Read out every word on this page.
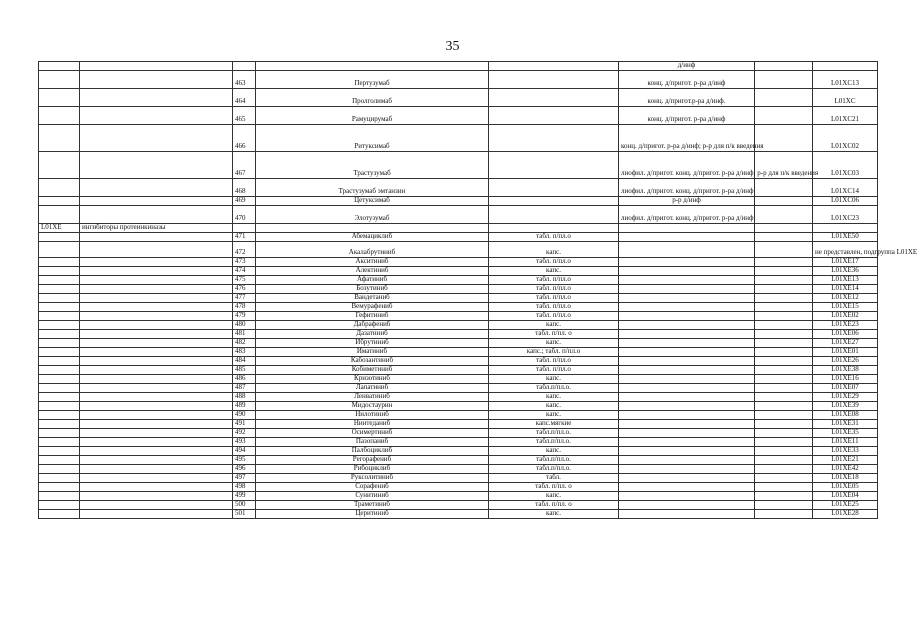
35
					д/инф		
		463	Пертузумаб		конц. д/пригот. р-ра д/инф		L01XC13
		464	Пролголимаб		конц. д/пригот.р-ра д/инф.		L01XC
		465	Рамуцирумаб		конц. д/пригот. р-ра д/инф		L01XC21
		466	Ритуксимаб		конц. д/пригот. р-ра д/инф; р-р для п/к введения		L01XC02
		467	Трастузумаб		лиофил. д/пригот. конц. д/пригот. р-ра д/инф; р-р для п/к введения		L01XC03
		468	Трастузумаб эмтанзин		лиофил. д/пригот. конц. д/пригот. р-ра д/инф		L01XC14
		469	Цетуксимаб		р-р д/инф		L01XC06
		470	Элотузумаб		лиофил. д/пригот. конц. д/пригот. р-ра д/инф		L01XC23
L01XE	ингибиторы протеинкиназы						
		471	Абемациклиб	табл. п/пл.о			L01XE50
		472	Акалабрутиниб	капс.			не представлен, подгруппа L01XE
		473	Акситиниб	табл. п/пл.о			L01XE17
		474	Алектиниб	капс.			L01XE36
		475	Афатиниб	табл. п/пл.о			L01XE13
		476	Бозутиниб	табл. п/пл.о			L01XE14
		477	Вандетаниб	табл. п/пл.о			L01XE12
		478	Вемурафениб	табл. п/пл.о			L01XE15
		479	Гефитиниб	табл. п/пл.о			L01XE02
		480	Дабрафениб	капс.			L01XE23
		481	Дазатиниб	табл. п/пл. о			L01XE06
		482	Ибрутиниб	капс.			L01XE27
		483	Иматиниб	капс.; табл. п/пл.о			L01XE01
		484	Кабозантиниб	табл. п/пл.о			L01XE26
		485	Кобиметиниб	табл. п/пл.о			L01XE38
		486	Кризотиниб	капс.			L01XE16
		487	Лапатиниб	табл.п/пл.о.			L01XE07
		488	Ленватиниб	капс.			L01XE29
		489	Мидостаурин	капс.			L01XE39
		490	Нилотиниб	капс.			L01XE08
		491	Нинтеданиб	капс.мягкие			L01XE31
		492	Осимертиниб	табл.п/пл.о.			L01XE35
		493	Пазопаниб	табл.п/пл.о.			L01XE11
		494	Палбоциклиб	капс.			L01XE33
		495	Регорафениб	табл.п/пл.о.			L01XE21
		496	Рибоциклиб	табл.п/пл.о.			L01XE42
		497	Руксолитиниб	табл.			L01XE18
		498	Сорафениб	табл. п/пл. о			L01XE05
		499	Сунитиниб	капс.			L01XE04
		500	Траметиниб	табл. п/пл. о			L01XE25
		501	Церитиниб	капс.			L01XE28
